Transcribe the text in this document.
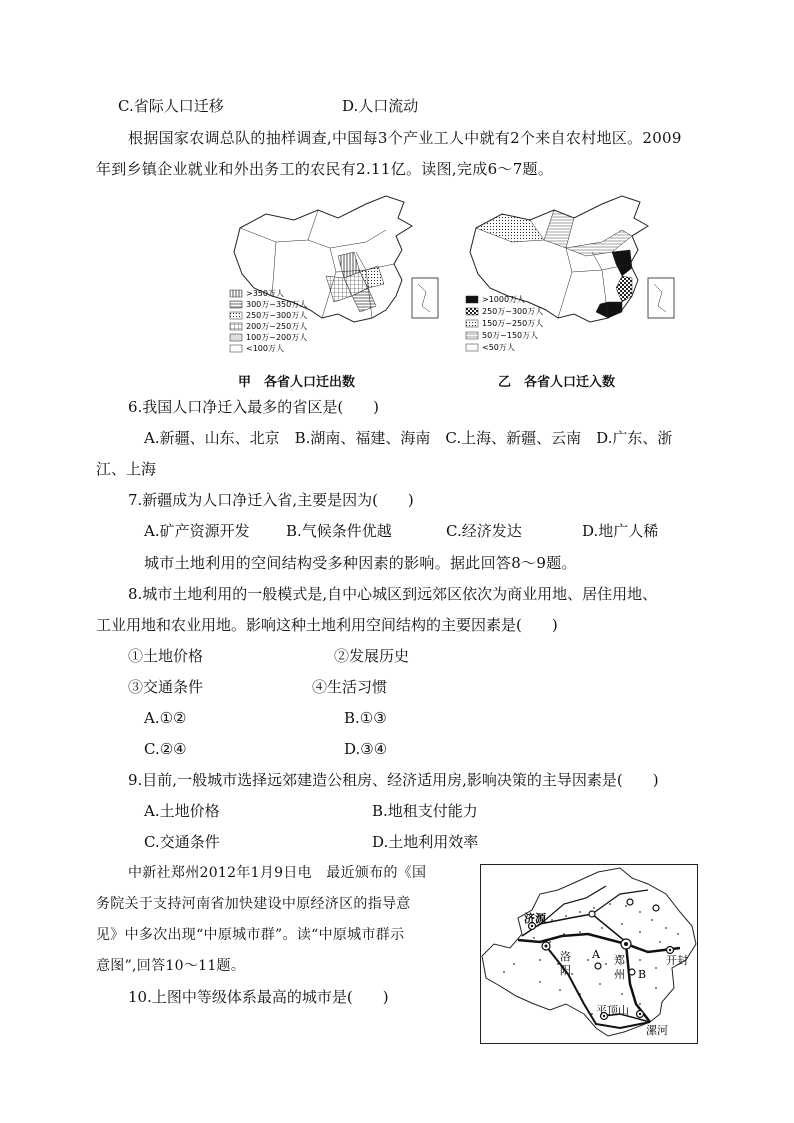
C.省际人口迁移	D.人口流动
根据国家农调总队的抽样调查,中国每3个产业工人中就有2个来自农村地区。2009
年到乡镇企业就业和外出务工的农民有2.11亿。读图,完成6～7题。
>350万人
300万~350万人
250万~300万人
200万~250万人
100万~200万人
<100万人
甲　各省人口迁出数
>1000万人
250万~300万人
150万~250万人
50万~150万人
<50万人
乙　各省人口迁入数
6.我国人口净迁入最多的省区是(　　)
A.新疆、山东、北京　B.湖南、福建、海南　C.上海、新疆、云南　D.广东、浙
江、上海
7.新疆成为人口净迁入省,主要是因为(　　)
A.矿产资源开发 B.气候条件优越	C.经济发达	D.地广人稀
城市土地利用的空间结构受多种因素的影响。据此回答8～9题。
8.城市土地利用的一般模式是,自中心城区到远郊区依次为商业用地、居住用地、
工业用地和农业用地。影响这种土地利用空间结构的主要因素是(　　)
①土地价格	②发展历史
③交通条件	④生活习惯
A.①②	B.①③
C.②④	D.③④
9.目前,一般城市选择远郊建造公租房、经济适用房,影响决策的主导因素是(　　)
A.土地价格	B.地租支付能力
C.交通条件	D.土地利用效率
中新社郑州2012年1月9日电　最近颁布的《国
务院关于支持河南省加快建设中原经济区的指导意
见》中多次出现“中原城市群”。读“中原城市群示
意图”,回答10～11题。
10.上图中等级体系最高的城市是(　　)
济源
洛
阳
郑
州
开封
平顶山
漯河
A
B
